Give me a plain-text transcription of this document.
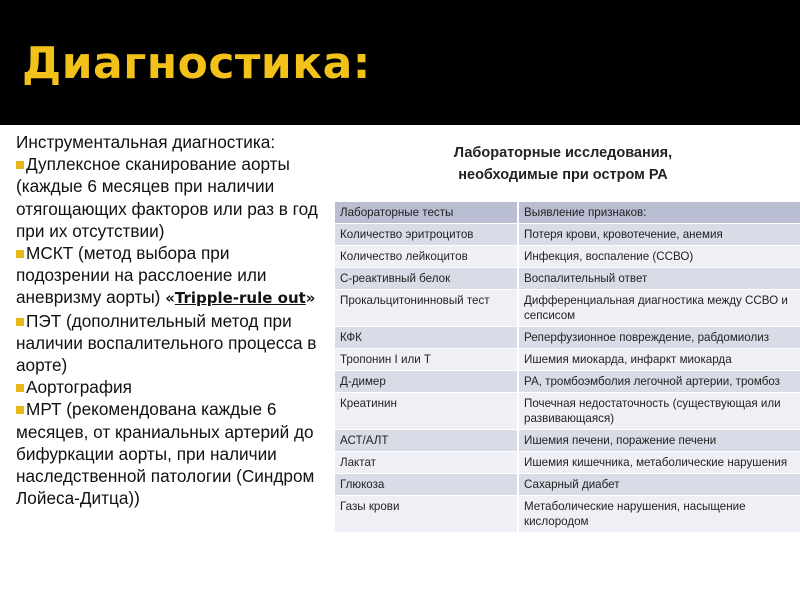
Диагностика:

Инструментальная диагностика:

Дуплексное сканирование аорты (каждые 6 месяцев при наличии отягощающих факторов или раз в год при их отсутствии)

МСКТ (метод выбора при подозрении на расслоение или аневризму аорты) «Tripple-rule out»

ПЭТ (дополнительный метод при наличии воспалительного процесса в аорте)

Аортография

МРТ (рекомендована каждые 6 месяцев, от краниальных артерий до бифуркации аорты, при наличии наследственной патологии (Синдром Лойеса-Дитца))

Лабораторные исследования,
необходимые при остром РА
Лабораторные тесты	Выявление признаков:
Количество эритроцитов	Потеря крови, кровотечение, анемия
Количество лейкоцитов	Инфекция, воспаление (ССВО)
С-реактивный белок	Воспалительный ответ
Прокальцитонинновый тест	Дифференциальная диагностика между ССВО и сепсисом
КФК	Реперфузионное повреждение, рабдомиолиз
Тропонин I или T	Ишемия миокарда, инфаркт миокарда
Д-димер	РА, тромбоэмболия легочной артерии, тромбоз
Креатинин	Почечная недостаточность (существующая или развивающаяся)
АСТ/АЛТ	Ишемия печени, поражение печени
Лактат	Ишемия кишечника, метаболические нарушения
Глюкоза	Сахарный диабет
Газы крови	Метаболические нарушения, насыщение кислородом
